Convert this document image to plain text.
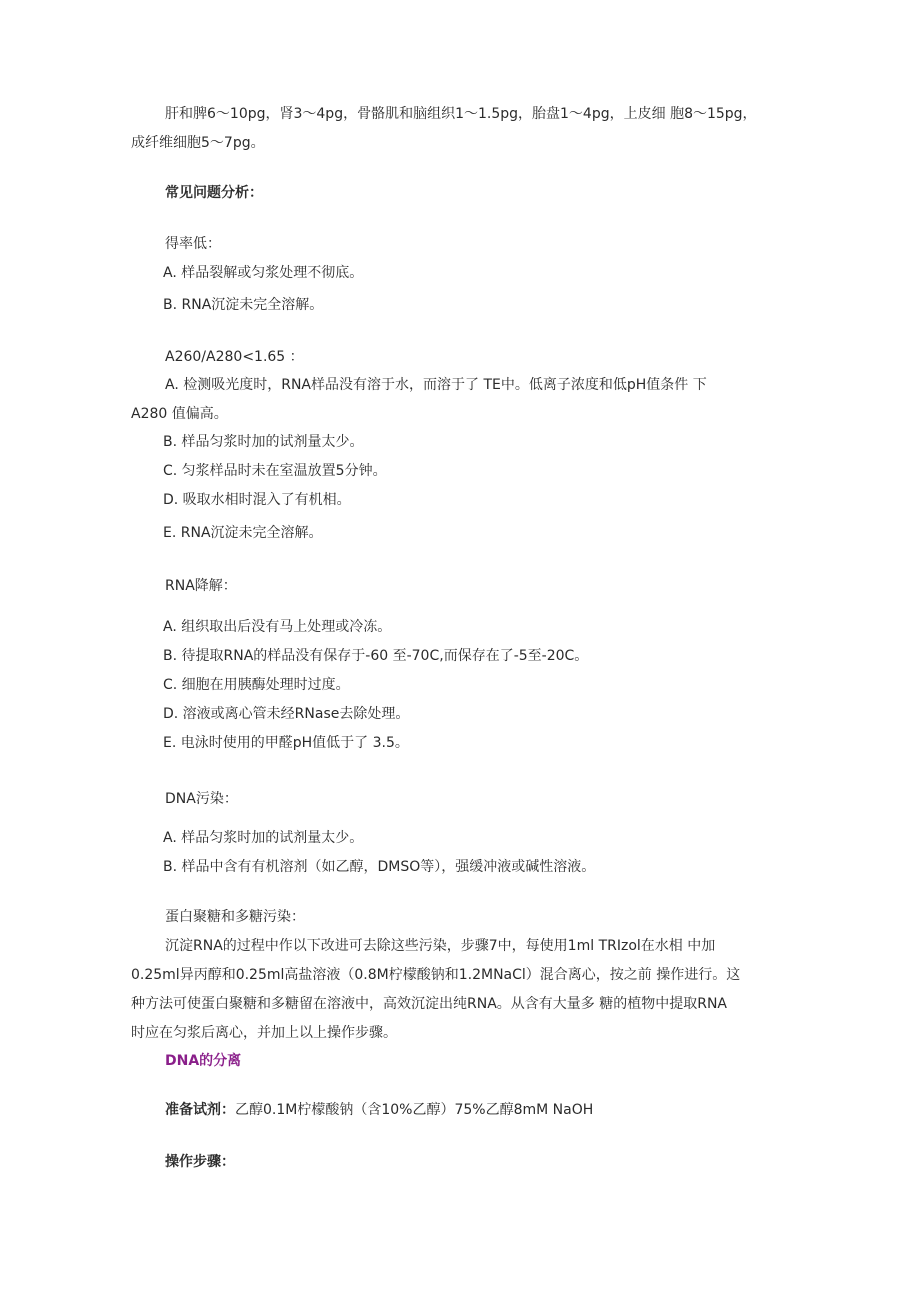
肝和脾6～10pg，肾3～4pg，骨骼肌和脑组织1～1.5pg，胎盘1～4pg，上皮细 胞8～15pg，
成纤维细胞5～7pg。
常见问题分析：
得率低：
A. 样品裂解或匀浆处理不彻底。
B. RNA沉淀未完全溶解。
A260/A280<1.65 ：
A. 检测吸光度时，RNA样品没有溶于水，而溶于了 TE中。低离子浓度和低pH值条件 下
A280 值偏高。
B. 样品匀浆时加的试剂量太少。
C. 匀浆样品时未在室温放置5分钟。
D. 吸取水相时混入了有机相。
E. RNA沉淀未完全溶解。
RNA降解：
A. 组织取出后没有马上处理或冷冻。
B. 待提取RNA的样品没有保存于-60 至-70C,而保存在了-5至-20C。
C. 细胞在用胰酶处理时过度。
D. 溶液或离心管未经RNase去除处理。
E. 电泳时使用的甲醛pH值低于了 3.5。
DNA污染：
A. 样品匀浆时加的试剂量太少。
B. 样品中含有有机溶剂（如乙醇，DMSO等），强缓冲液或碱性溶液。
蛋白聚糖和多糖污染：
沉淀RNA的过程中作以下改进可去除这些污染，步骤7中，每使用1ml TRIzol在水相 中加
0.25ml异丙醇和0.25ml高盐溶液（0.8M柠檬酸钠和1.2MNaCl）混合离心，按之前 操作进行。这
种方法可使蛋白聚糖和多糖留在溶液中，高效沉淀出纯RNA。从含有大量多 糖的植物中提取RNA
时应在匀浆后离心，并加上以上操作步骤。
DNA的分离
准备试剂：乙醇0.1M柠檬酸钠（含10%乙醇）75%乙醇8mM NaOH
操作步骤：
